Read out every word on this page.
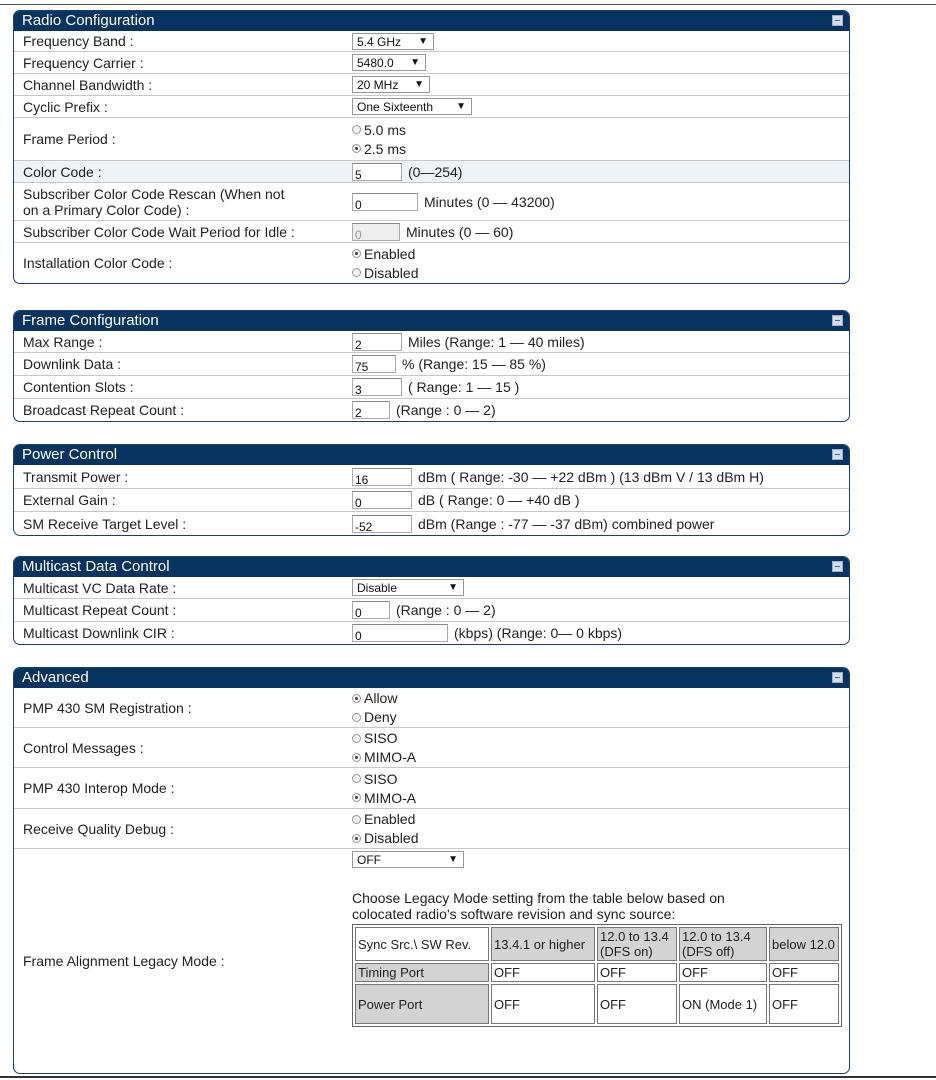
Radio Configuration
Frequency Band :	5.4 GHz ▼
Frequency Carrier :	5480.0 ▼
Channel Bandwidth :	20 MHz ▼
Cyclic Prefix :	One Sixteenth ▼
Frame Period :
5.0 ms
2.5 ms
Color Code :	5	(0—254)
Subscriber Color Code Rescan (When not
on a Primary Color Code) :	0	Minutes (0 — 43200)
Subscriber Color Code Wait Period for Idle :	0	Minutes (0 — 60)
Installation Color Code :
Enabled
Disabled
Frame Configuration
Max Range :	2	Miles (Range: 1 — 40 miles)
Downlink Data :	75	% (Range: 15 — 85 %)
Contention Slots :	3	( Range: 1 — 15 )
Broadcast Repeat Count :	2	(Range : 0 — 2)
Power Control
Transmit Power :	16	dBm ( Range: -30 — +22 dBm ) (13 dBm V / 13 dBm H)
External Gain :	0	dB ( Range: 0 — +40 dB )
SM Receive Target Level :	-52	dBm (Range : -77 — -37 dBm) combined power
Multicast Data Control
Multicast VC Data Rate :	Disable	▼
Multicast Repeat Count :	0	(Range : 0 — 2)
Multicast Downlink CIR :	0	(kbps) (Range: 0— 0 kbps)
Advanced
PMP 430 SM Registration :
Allow
Deny
Control Messages :
SISO
MIMO-A
PMP 430 Interop Mode :
SISO
MIMO-A
Receive Quality Debug :
Enabled
Disabled
Frame Alignment Legacy Mode :
OFF	▼
Choose Legacy Mode setting from the table below based on
colocated radio's software revision and sync source:
Sync Src.\ SW Rev.	13.4.1 or higher	12.0 to 13.4 (DFS on)	12.0 to 13.4 (DFS off)	below 12.0
Timing Port	OFF	OFF	OFF	OFF
Power Port	OFF	OFF	ON (Mode 1)	OFF
